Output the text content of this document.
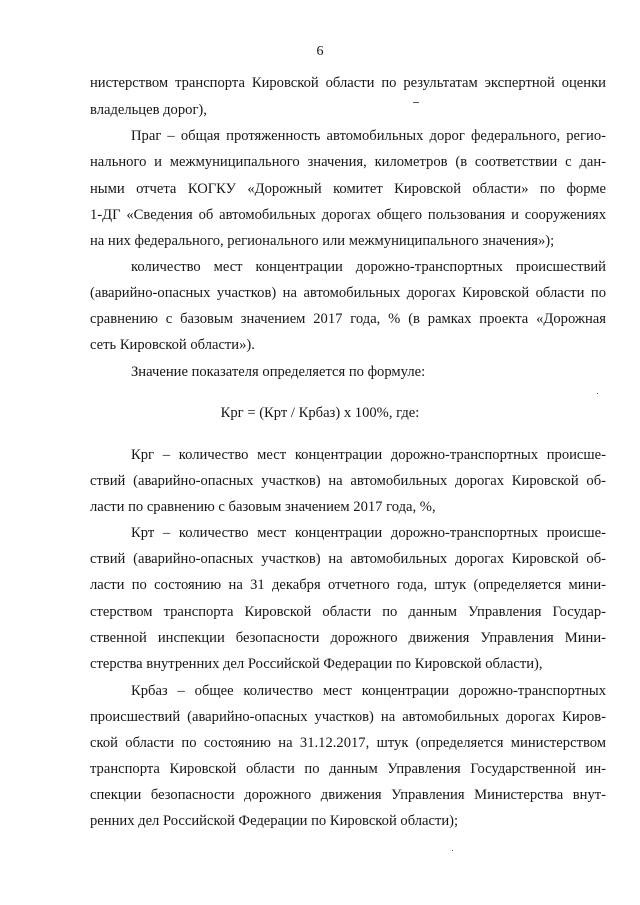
6
нистерством транспорта Кировской области по результатам экспертной оценки
владельцев дорог),
Праг – общая протяженность автомобильных дорог федерального, регио-
нального и межмуниципального значения, километров (в соответствии с дан-
ными отчета КОГКУ «Дорожный комитет Кировской области» по форме
1-ДГ «Сведения об автомобильных дорогах общего пользования и сооружениях
на них федерального, регионального или межмуниципального значения»);
количество мест концентрации дорожно-транспортных происшествий
(аварийно-опасных участков) на автомобильных дорогах Кировской области по
сравнению с базовым значением 2017 года, % (в рамках проекта «Дорожная
сеть Кировской области»).
Значение показателя определяется по формуле:
Крг = (Крт / Крбаз) х 100%, где:
Крг – количество мест концентрации дорожно-транспортных происше-
ствий (аварийно-опасных участков) на автомобильных дорогах Кировской об-
ласти по сравнению с базовым значением 2017 года, %,
Крт – количество мест концентрации дорожно-транспортных происше-
ствий (аварийно-опасных участков) на автомобильных дорогах Кировской об-
ласти по состоянию на 31 декабря отчетного года, штук (определяется мини-
стерством транспорта Кировской области по данным Управления Государ-
ственной инспекции безопасности дорожного движения Управления Мини-
стерства внутренних дел Российской Федерации по Кировской области),
Крбаз – общее количество мест концентрации дорожно-транспортных
происшествий (аварийно-опасных участков) на автомобильных дорогах Киров-
ской области по состоянию на 31.12.2017, штук (определяется министерством
транспорта Кировской области по данным Управления Государственной ин-
спекции безопасности дорожного движения Управления Министерства внут-
ренних дел Российской Федерации по Кировской области);
